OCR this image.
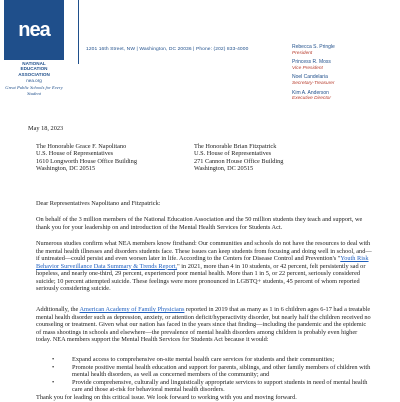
nea
NATIONAL
EDUCATION
ASSOCIATION
nea.org
Great Public Schools for Every Student
1201 16th Street, NW | Washington, DC 20036 | Phone: (202) 833-4000	Rebecca S. Pringle
President
Princess R. Moss
Vice President
Noel Candelaria
Secretary-Treasurer
Kim A. Anderson
Executive Director
May 18, 2023
The Honorable Grace F. Napolitano
U.S. House of Representatives
1610 Longworth House Office Building
Washington, DC 20515
The Honorable Brian Fitzpatrick
U.S. House of Representatives
271 Cannon House Office Building
Washington, DC 20515
Dear Representatives Napolitano and Fitzpatrick:
On behalf of the 3 million members of the National Education Association and the 50 million students they teach and support, we thank you for your leadership on and introduction of the Mental Health Services for Students Act.
Numerous studies confirm what NEA members know firsthand: Our communities and schools do not have the resources to deal with the mental health illnesses and disorders students face. These issues can keep students from focusing and doing well in school, and—if untreated—could persist and even worsen later in life. According to the Centers for Disease Control and Prevention's "Youth Risk Behavior Surveillance Data Summary & Trends Report," in 2021, more than 4 in 10 students, or 42 percent, felt persistently sad or hopeless, and nearly one-third, 29 percent, experienced poor mental health. More than 1 in 5, or 22 percent, seriously considered suicide; 10 percent attempted suicide. These feelings were more pronounced in LGBTQ+ students, 45 percent of whom reported seriously considering suicide.
Additionally, the American Academy of Family Physicians reported in 2019 that as many as 1 in 6 children ages 6-17 had a treatable mental health disorder such as depression, anxiety, or attention deficit/hyperactivity disorder, but nearly half the children received no counseling or treatment. Given what our nation has faced in the years since that finding—including the pandemic and the epidemic of mass shootings in schools and elsewhere—the prevalence of mental health disorders among children is probably even higher today. NEA members support the Mental Health Services for Students Act because it would:
• Expand access to comprehensive on-site mental health care services for students and their communities;
• Promote positive mental health education and support for parents, siblings, and other family members of children with mental health disorders, as well as concerned members of the community; and
• Provide comprehensive, culturally and linguistically appropriate services to support students in need of mental health care and those at-risk for behavioral mental health disorders.
Thank you for leading on this critical issue. We look forward to working with you and moving forward.
